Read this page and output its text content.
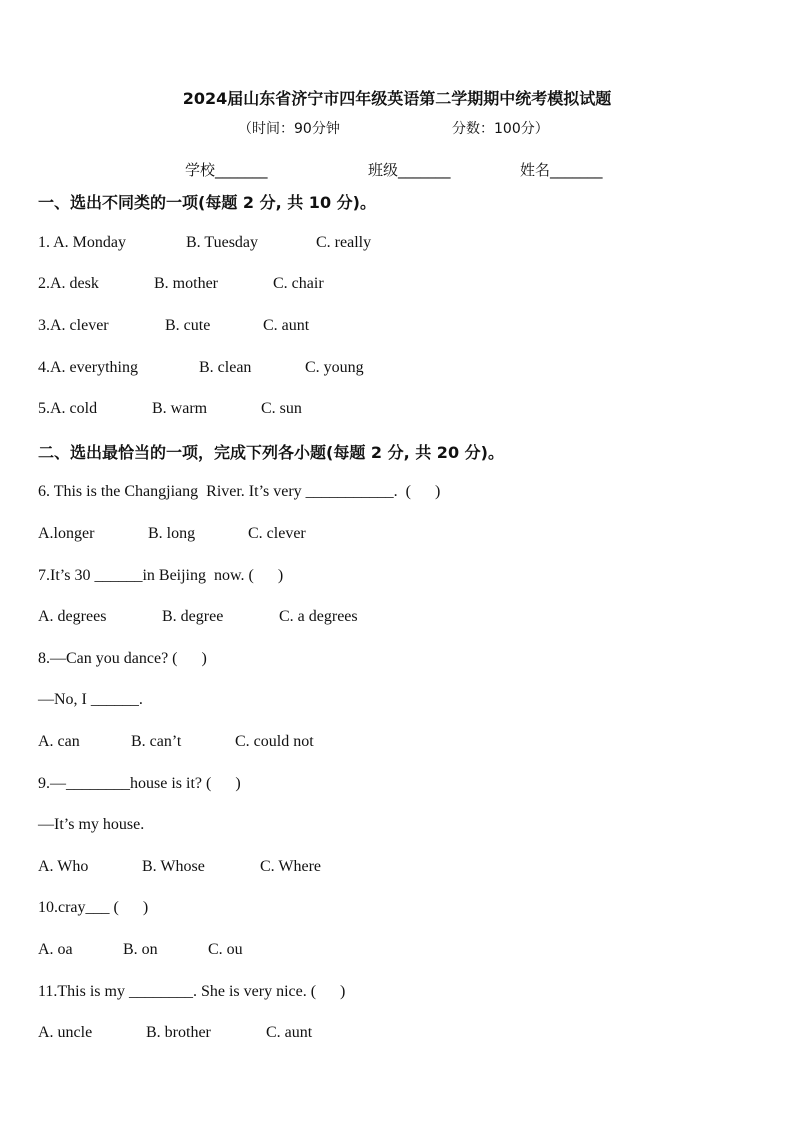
2024届山东省济宁市四年级英语第二学期期中统考模拟试题
（时间：90分钟	分数：100分）
学校_______	班级_______	姓名_______
一、选出不同类的一项(每题 2 分, 共 10 分)。
1. A. Monday	B. Tuesday	C. really
2.A. desk	B. mother	C. chair
3.A. clever	B. cute	C. aunt
4.A. everything	B. clean	C. young
5.A. cold	B. warm	C. sun
二、选出最恰当的一项，完成下列各小题(每题 2 分, 共 20 分)。
6. This is the Changjiang  River. It’s very ___________.  (      )
A.longer	B. long	C. clever
7.It’s 30 ______in Beijing  now. (      )
A. degrees	B. degree	C. a degrees
8.—Can you dance? (      )
—No, I ______.
A. can	B. can’t	C. could not
9.—________house is it? (      )
—It’s my house.
A. Who	B. Whose	C. Where
10.cray___ (      )
A. oa	B. on	C. ou
11.This is my ________. She is very nice. (      )
A. uncle	B. brother	C. aunt
